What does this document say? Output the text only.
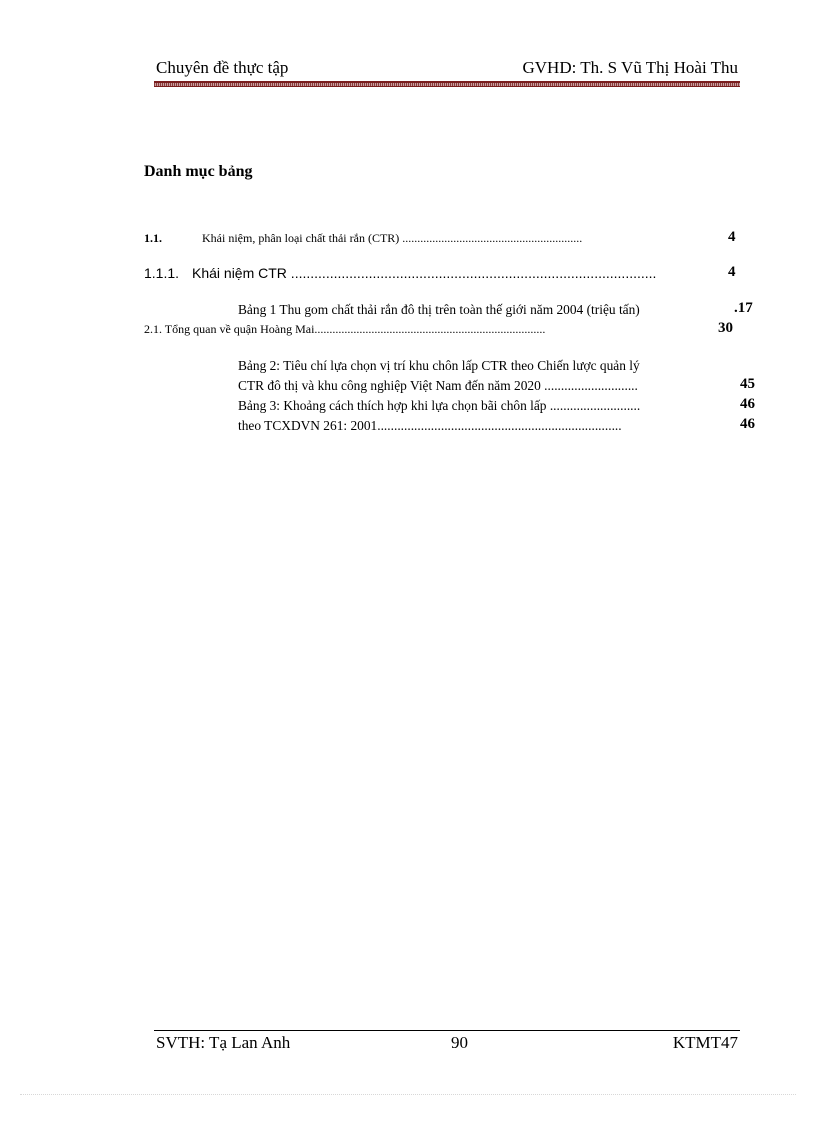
Chuyên đề thực tập	GVHD: Th. S Vũ Thị Hoài Thu
Danh mục bảng
1.1.	Khái niệm, phân loại chất thải rắn (CTR) ............................................................	4
1.1.1. Khái niệm CTR ..............................................................................................	4
Bảng 1 Thu gom chất thải rắn đô thị trên toàn thế giới năm 2004 (triệu tấn)	.17
2.1. Tổng quan về quận Hoàng Mai.............................................................................	30
Bảng 2: Tiêu chí lựa chọn vị trí khu chôn lấp CTR theo Chiến lược quản lý
CTR đô thị và khu công nghiệp Việt Nam đến năm 2020 ............................	45
Bảng 3: Khoảng cách thích hợp khi lựa chọn bãi chôn lấp ...........................	46
theo TCXDVN 261: 2001.........................................................................	46
SVTH: Tạ Lan Anh	90	KTMT47
